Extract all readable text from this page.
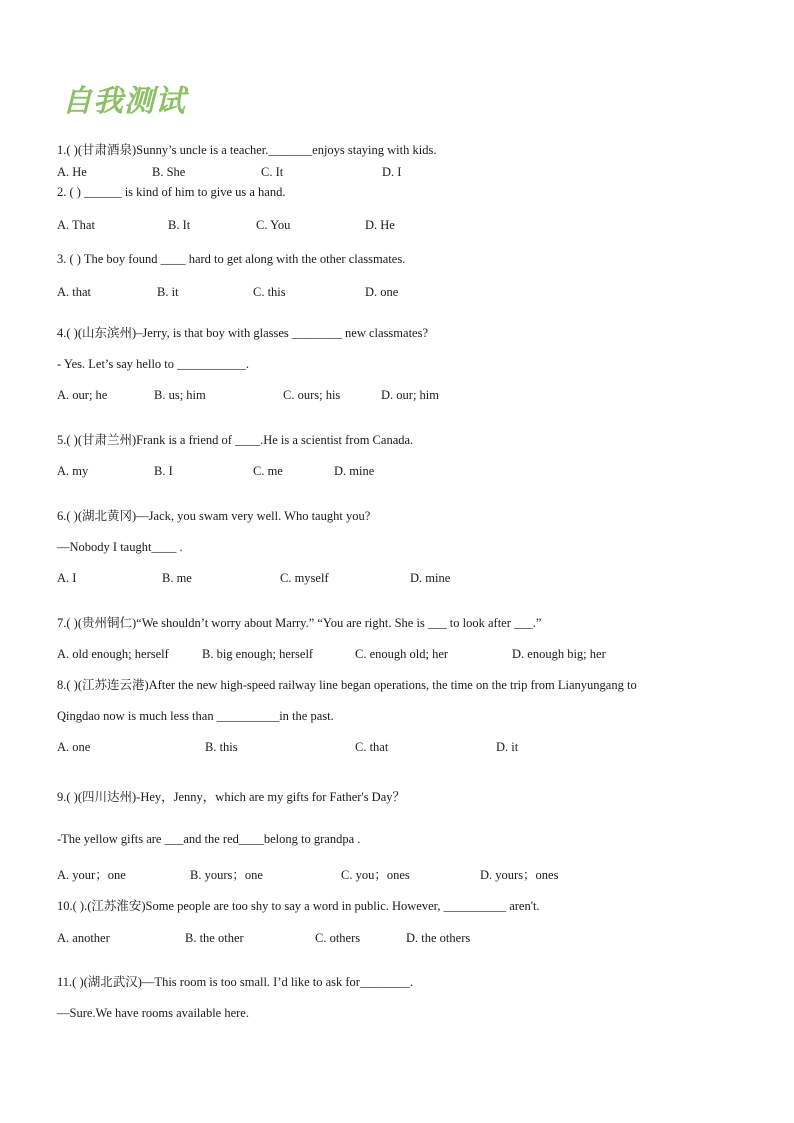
自我测试
1.( )(甘肃酒泉)Sunny’s uncle is a teacher._______enjoys staying with kids.
2. ( ) ______ is kind of him to give us a hand.
3. ( ) The boy found ____ hard to get along with the other classmates.
4.( )(山东滨州)–Jerry, is that boy with glasses ________ new classmates?
- Yes. Let’s say hello to ___________.
5.( )(甘肃兰州)Frank is a friend of ____.He is a scientist from Canada.
6.( )(湖北黄冈)—Jack, you swam very well. Who taught you?
—Nobody I taught____ .
7.( )(贵州铜仁)“We shouldn’t worry about Marry.” “You are right. She is ___ to look after ___.”
8.( )(江苏连云港)After the new high-speed railway line began operations, the time on the trip from Lianyungang to
Qingdao now is much less than __________in the past.
9.( )(四川达州)-Hey，Jenny，which are my gifts for Father's Day？
-The yellow gifts are ___and the red____belong to grandpa .
10.( ).(江苏淮安)Some people are too shy to say a word in public. However, __________ aren't.
11.( )(湖北武汉)—This room is too small. I’d like to ask for________.
—Sure.We have rooms available here.
A. He	B. She	C. It	D. I
A. That	B. It	C. You	D. He
A. that	B. it	C. this	D. one
A. our; he	B. us; him	C. ours; his	D. our; him
A. my	B. I	C. me	D. mine
A. I	B. me	C. myself	D. mine
A. old enough; herself	B. big enough; herself	C. enough old; her	D. enough big; her
A. one	B. this	C. that	D. it
A. your；one	B. yours；one	C. you；ones	D. yours；ones
A. another	B. the other	C. others	D. the others
